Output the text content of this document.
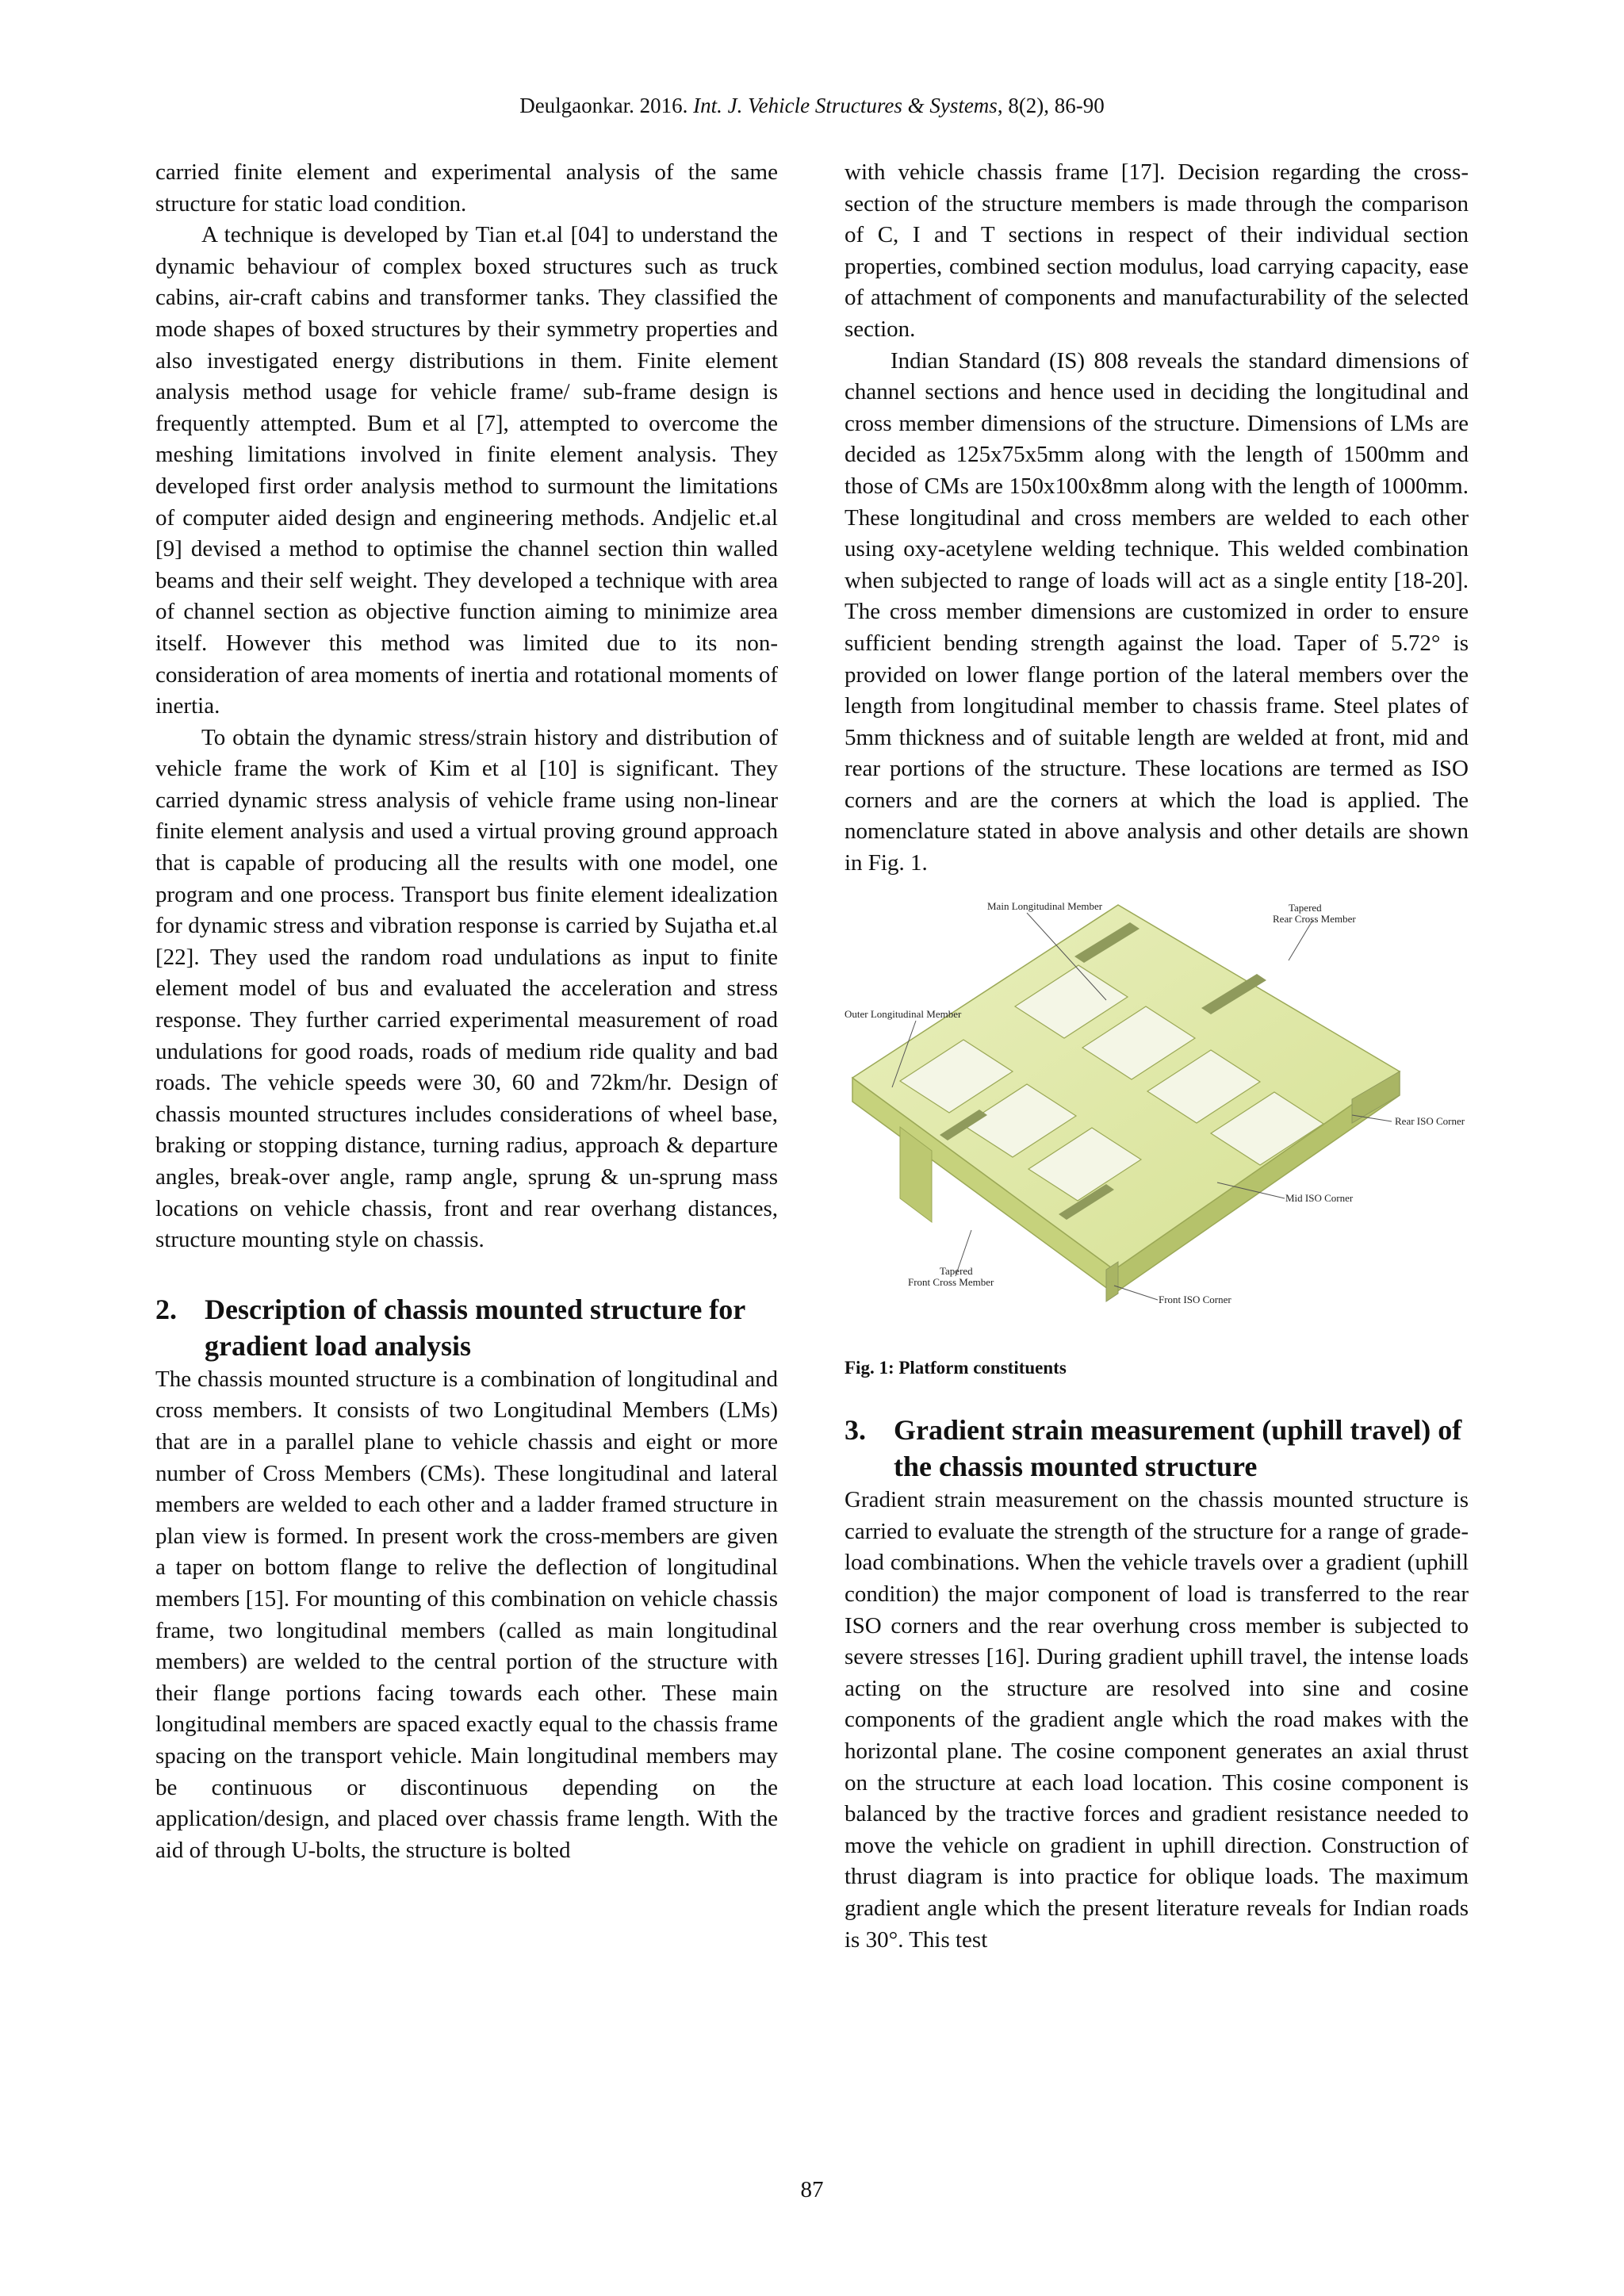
Deulgaonkar. 2016. Int. J. Vehicle Structures & Systems, 8(2), 86-90

carried finite element and experimental analysis of the same structure for static load condition.

A technique is developed by Tian et.al [04] to understand the dynamic behaviour of complex boxed structures such as truck cabins, air-craft cabins and transformer tanks. They classified the mode shapes of boxed structures by their symmetry properties and also investigated energy distributions in them. Finite element analysis method usage for vehicle frame/ sub-frame design is frequently attempted. Bum et al [7], attempted to overcome the meshing limitations involved in finite element analysis. They developed first order analysis method to surmount the limitations of computer aided design and engineering methods. Andjelic et.al [9] devised a method to optimise the channel section thin walled beams and their self weight. They developed a technique with area of channel section as objective function aiming to minimize area itself. However this method was limited due to its non-consideration of area moments of inertia and rotational moments of inertia.

To obtain the dynamic stress/strain history and distribution of vehicle frame the work of Kim et al [10] is significant. They carried dynamic stress analysis of vehicle frame using non-linear finite element analysis and used a virtual proving ground approach that is capable of producing all the results with one model, one program and one process. Transport bus finite element idealization for dynamic stress and vibration response is carried by Sujatha et.al [22]. They used the random road undulations as input to finite element model of bus and evaluated the acceleration and stress response. They further carried experimental measurement of road undulations for good roads, roads of medium ride quality and bad roads. The vehicle speeds were 30, 60 and 72km/hr. Design of chassis mounted structures includes considerations of wheel base, braking or stopping distance, turning radius, approach & departure angles, break-over angle, ramp angle, sprung & un-sprung mass locations on vehicle chassis, front and rear overhang distances, structure mounting style on chassis.

2. Description of chassis mounted structure for gradient load analysis

The chassis mounted structure is a combination of longitudinal and cross members. It consists of two Longitudinal Members (LMs) that are in a parallel plane to vehicle chassis and eight or more number of Cross Members (CMs). These longitudinal and lateral members are welded to each other and a ladder framed structure in plan view is formed. In present work the cross-members are given a taper on bottom flange to relive the deflection of longitudinal members [15]. For mounting of this combination on vehicle chassis frame, two longitudinal members (called as main longitudinal members) are welded to the central portion of the structure with their flange portions facing towards each other. These main longitudinal members are spaced exactly equal to the chassis frame spacing on the transport vehicle. Main longitudinal members may be continuous or discontinuous depending on the application/design, and placed over chassis frame length. With the aid of through U-bolts, the structure is bolted

with vehicle chassis frame [17]. Decision regarding the cross-section of the structure members is made through the comparison of C, I and T sections in respect of their individual section properties, combined section modulus, load carrying capacity, ease of attachment of components and manufacturability of the selected section.

Indian Standard (IS) 808 reveals the standard dimensions of channel sections and hence used in deciding the longitudinal and cross member dimensions of the structure. Dimensions of LMs are decided as 125x75x5mm along with the length of 1500mm and those of CMs are 150x100x8mm along with the length of 1000mm. These longitudinal and cross members are welded to each other using oxy-acetylene welding technique. This welded combination when subjected to range of loads will act as a single entity [18-20]. The cross member dimensions are customized in order to ensure sufficient bending strength against the load. Taper of 5.72° is provided on lower flange portion of the lateral members over the length from longitudinal member to chassis frame. Steel plates of 5mm thickness and of suitable length are welded at front, mid and rear portions of the structure. These locations are termed as ISO corners and are the corners at which the load is applied. The nomenclature stated in above analysis and other details are shown in Fig. 1.

Main Longitudinal Member	Tapered
Rear Cross Member
Outer Longitudinal Member
Rear ISO Corner
Mid ISO Corner
Tapered
Front Cross Member
Front ISO Corner

Fig. 1: Platform constituents

3. Gradient strain measurement (uphill travel) of the chassis mounted structure

Gradient strain measurement on the chassis mounted structure is carried to evaluate the strength of the structure for a range of grade-load combinations. When the vehicle travels over a gradient (uphill condition) the major component of load is transferred to the rear ISO corners and the rear overhung cross member is subjected to severe stresses [16]. During gradient uphill travel, the intense loads acting on the structure are resolved into sine and cosine components of the gradient angle which the road makes with the horizontal plane. The cosine component generates an axial thrust on the structure at each load location. This cosine component is balanced by the tractive forces and gradient resistance needed to move the vehicle on gradient in uphill direction. Construction of thrust diagram is into practice for oblique loads. The maximum gradient angle which the present literature reveals for Indian roads is 30°. This test

87
